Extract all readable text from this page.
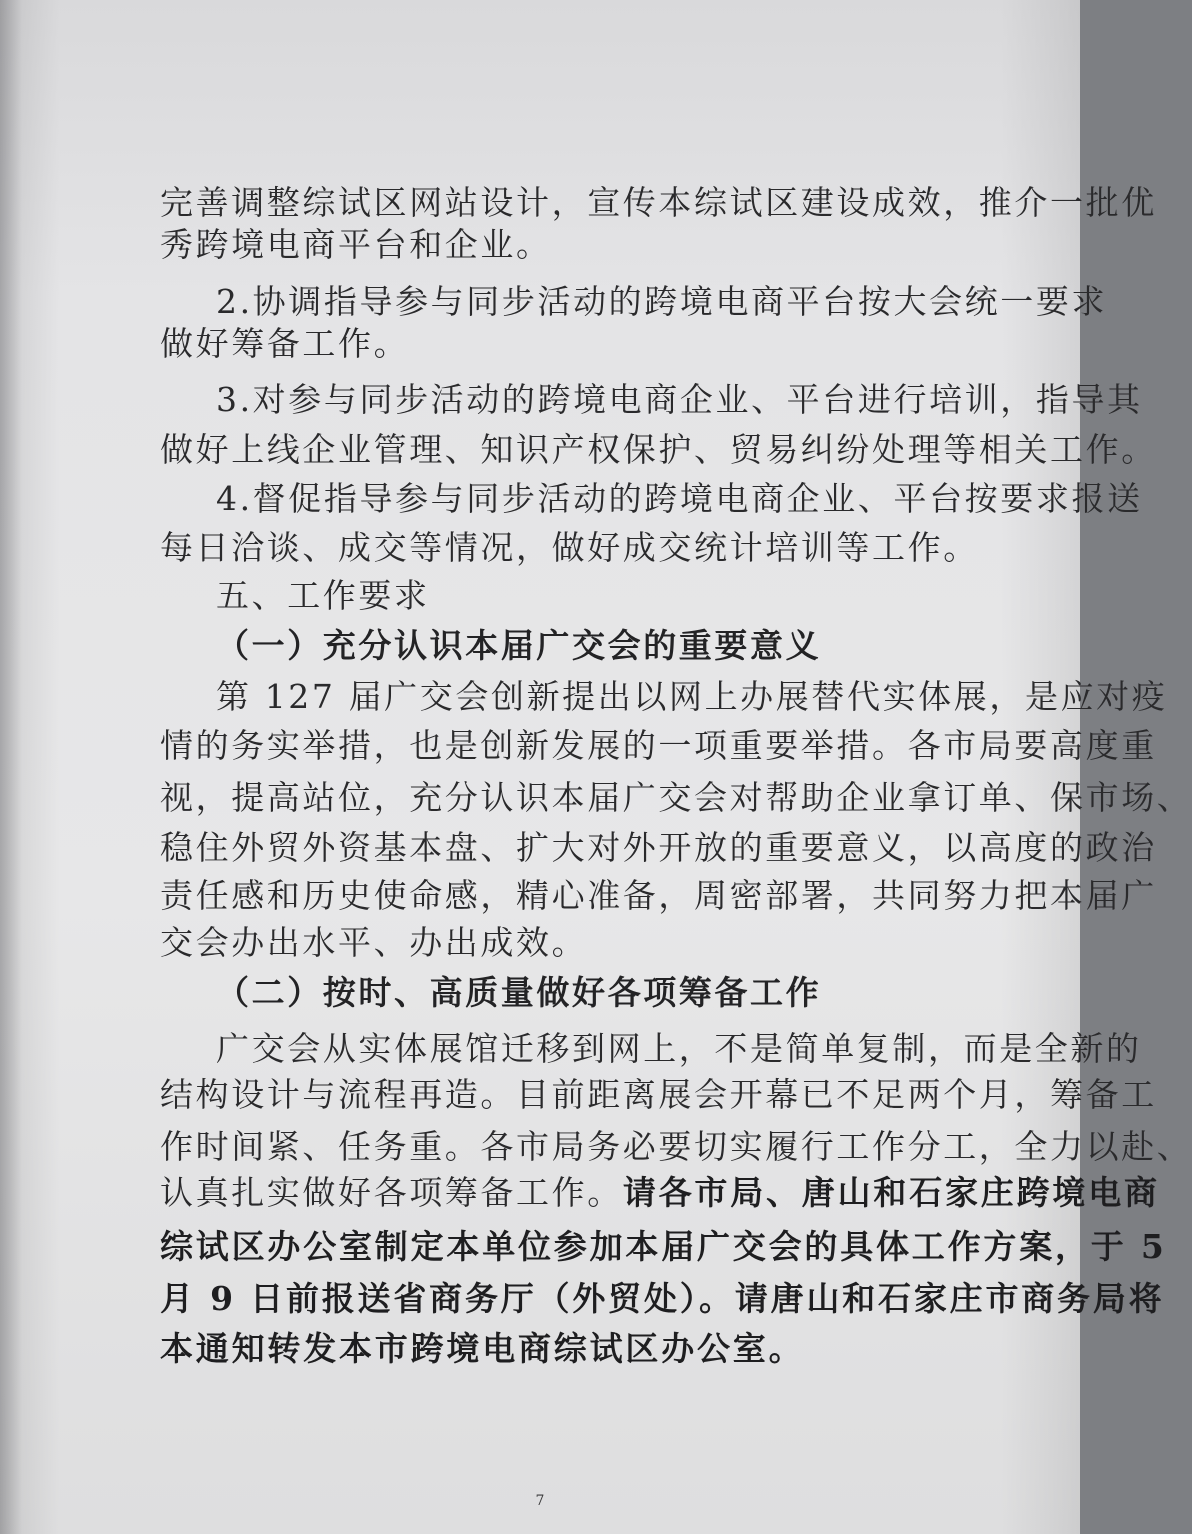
完善调整综试区网站设计，宣传本综试区建设成效，推介一批优
秀跨境电商平台和企业。
2.协调指导参与同步活动的跨境电商平台按大会统一要求
做好筹备工作。
3.对参与同步活动的跨境电商企业、平台进行培训，指导其
做好上线企业管理、知识产权保护、贸易纠纷处理等相关工作。
4.督促指导参与同步活动的跨境电商企业、平台按要求报送
每日洽谈、成交等情况，做好成交统计培训等工作。
五、工作要求
（一）充分认识本届广交会的重要意义
第 127 届广交会创新提出以网上办展替代实体展，是应对疫
情的务实举措，也是创新发展的一项重要举措。各市局要高度重
视，提高站位，充分认识本届广交会对帮助企业拿订单、保市场、
稳住外贸外资基本盘、扩大对外开放的重要意义，以高度的政治
责任感和历史使命感，精心准备，周密部署，共同努力把本届广
交会办出水平、办出成效。
（二）按时、高质量做好各项筹备工作
广交会从实体展馆迁移到网上，不是简单复制，而是全新的
结构设计与流程再造。目前距离展会开幕已不足两个月，筹备工
作时间紧、任务重。各市局务必要切实履行工作分工，全力以赴、
认真扎实做好各项筹备工作。请各市局、唐山和石家庄跨境电商
综试区办公室制定本单位参加本届广交会的具体工作方案，于 5
月 9 日前报送省商务厅（外贸处）。请唐山和石家庄市商务局将
本通知转发本市跨境电商综试区办公室。
7
